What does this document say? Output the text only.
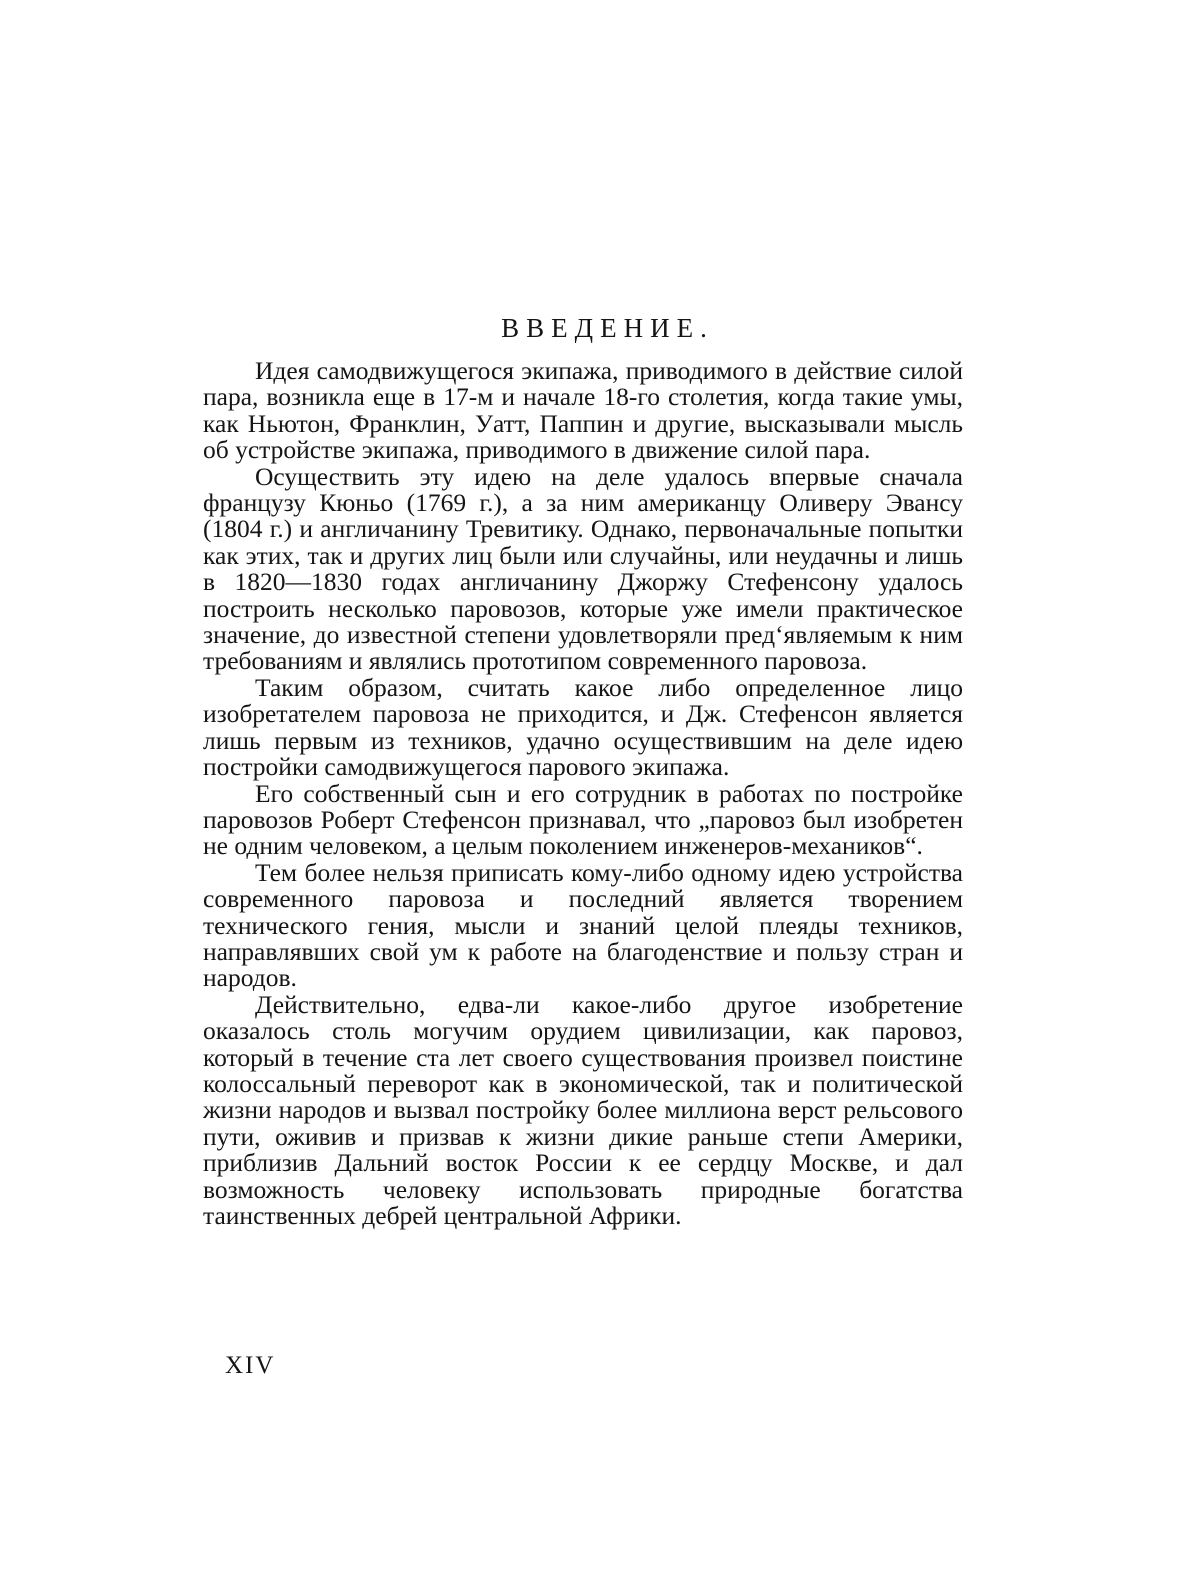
ВВЕДЕНИЕ.

Идея самодвижущегося экипажа, приводимого в действие силой пара, возникла еще в 17-м и начале 18-го столетия, когда такие умы, как Ньютон, Франклин, Уатт, Паппин и другие, высказывали мысль об устройстве экипажа, приводимого в движение силой пара.

Осуществить эту идею на деле удалось впервые сначала французу Кюньо (1769 г.), а за ним американцу Оливеру Эвансу (1804 г.) и англичанину Тревитику. Однако, первоначальные попытки как этих, так и других лиц были или случайны, или неудачны и лишь в 1820—1830 годах англичанину Джоржу Стефенсону удалось построить несколько паровозов, которые уже имели практическое значение, до известной степени удовлетворяли пред‘являемым к ним требованиям и являлись прототипом современного паровоза.

Таким образом, считать какое либо определенное лицо изобретателем паровоза не приходится, и Дж. Стефенсон является лишь первым из техников, удачно осуществившим на деле идею постройки самодвижущегося парового экипажа.

Его собственный сын и его сотрудник в работах по постройке паровозов Роберт Стефенсон признавал, что „паровоз был изобретен не одним человеком, а целым поколением инженеров-механиков“.

Тем более нельзя приписать кому-либо одному идею устройства современного паровоза и последний является творением технического гения, мысли и знаний целой плеяды техников, направлявших свой ум к работе на благоденствие и пользу стран и народов.

Действительно, едва-ли какое-либо другое изобретение оказалось столь могучим орудием цивилизации, как паровоз, который в течение ста лет своего существования произвел поистине колоссальный переворот как в экономической, так и политической жизни народов и вызвал постройку более миллиона верст рельсового пути, оживив и призвав к жизни дикие раньше степи Америки, приблизив Дальний восток России к ее сердцу Москве, и дал возможность человеку использовать природные богатства таинственных дебрей центральной Африки.

XIV
